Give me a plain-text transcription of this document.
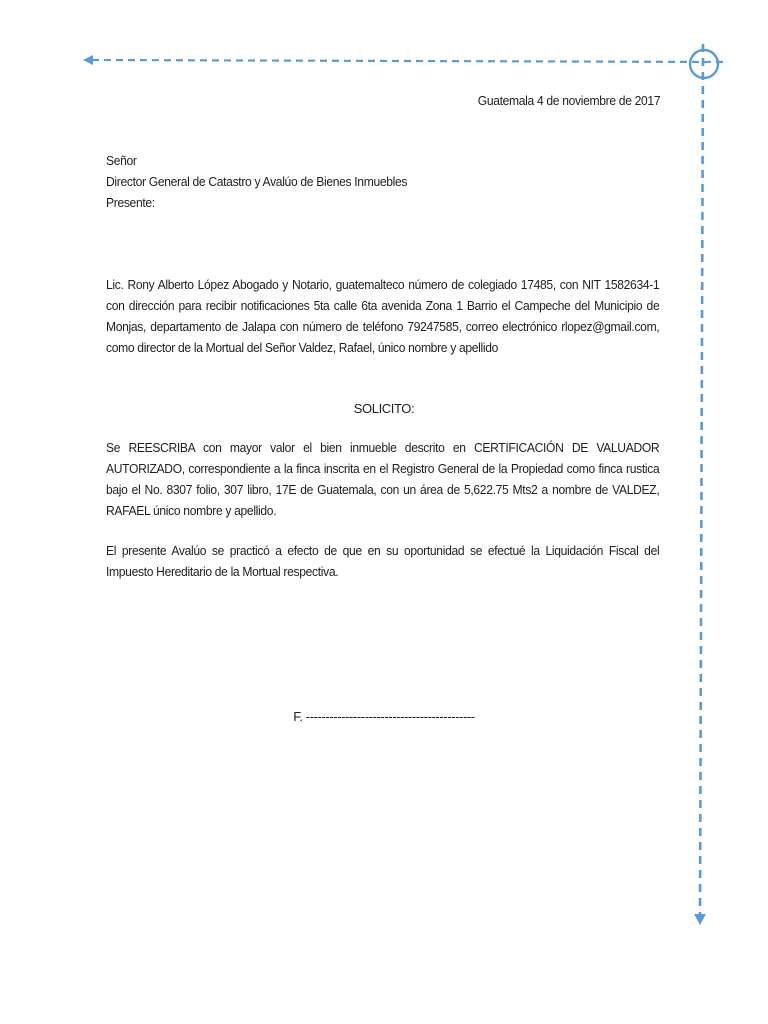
Guatemala 4 de noviembre de 2017
Señor
Director General de Catastro y Avalúo de Bienes Inmuebles
Presente:
Lic. Rony Alberto López Abogado y Notario, guatemalteco número de colegiado 17485, con NIT 1582634-1 con dirección para recibir notificaciones 5ta calle 6ta avenida Zona 1 Barrio el Campeche del Municipio de Monjas, departamento de Jalapa con número de teléfono 79247585, correo electrónico rlopez@gmail.com, como director de la Mortual del Señor Valdez, Rafael, único nombre y apellido
SOLICITO:
Se REESCRIBA con mayor valor el bien inmueble descrito en CERTIFICACIÓN DE VALUADOR AUTORIZADO, correspondiente a la finca inscrita en el Registro General de la Propiedad como finca rustica bajo el No. 8307 folio, 307 libro, 17E de Guatemala, con un área de 5,622.75 Mts2 a nombre de VALDEZ, RAFAEL único nombre y apellido.
El presente Avalúo se practicó a efecto de que en su oportunidad se efectué la Liquidación Fiscal del Impuesto Hereditario de la Mortual respectiva.
F. -------------------------------------------
